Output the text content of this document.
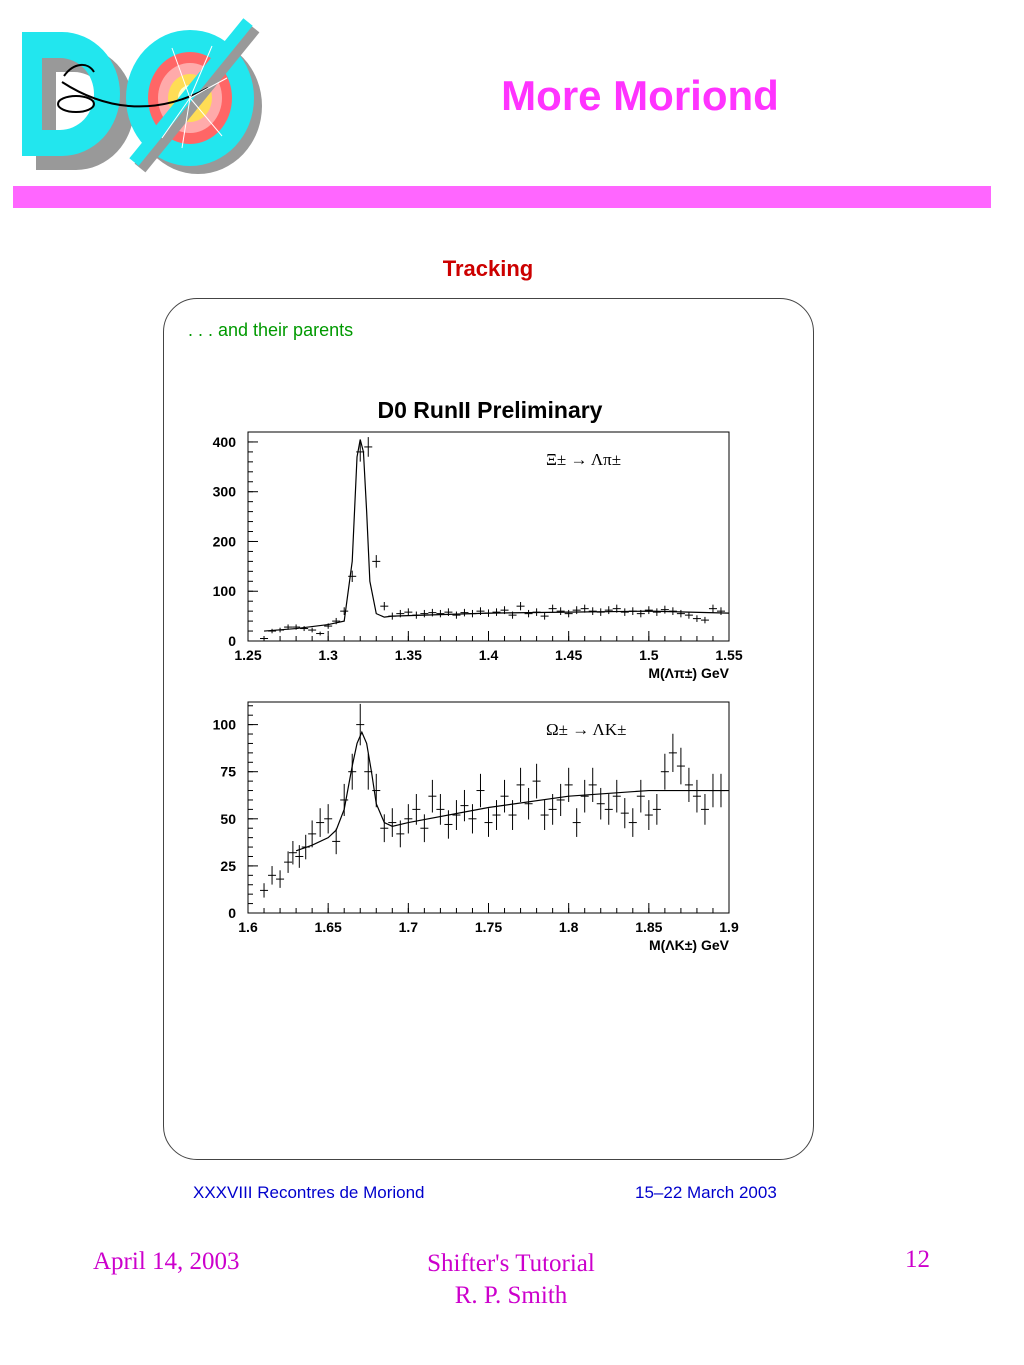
More Moriond
Tracking
. . . and their parents
D0 RunII Preliminary
1.25	1.3	1.35	1.4	1.45	1.5	1.55
0
100
200
300
400
M(Λπ±) GeV
Ξ± → Λπ±
1.6	1.65	1.7	1.75	1.8	1.85	1.9
0
25
50
75
100
M(ΛK±) GeV
Ω± → ΛK±
XXXVIII Recontres de Moriond	15–22 March 2003
April 14, 2003	Shifter's Tutorial
R. P. Smith
12
